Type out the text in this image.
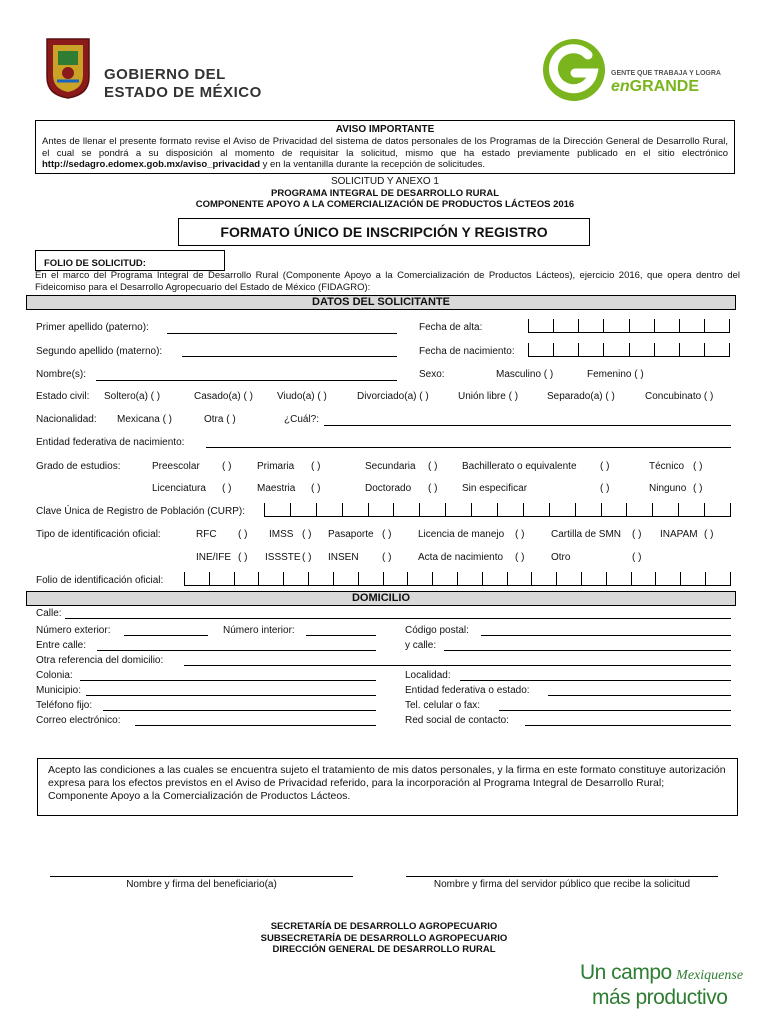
GOBIERNO DEL
ESTADO DE MÉXICO
GENTE QUE TRABAJA Y LOGRA
enGRANDE
AVISO IMPORTANTE
Antes de llenar el presente formato revise el Aviso de Privacidad del sistema de datos personales de los Programas de la Dirección General de Desarrollo Rural, el cual se pondrá a su disposición al momento de requisitar la solicitud, mismo que ha estado previamente publicado en el sitio electrónico http://sedagro.edomex.gob.mx/aviso_privacidad y en la ventanilla durante la recepción de solicitudes.
SOLICITUD Y ANEXO 1
PROGRAMA INTEGRAL DE DESARROLLO RURAL
COMPONENTE APOYO A LA COMERCIALIZACIÓN DE PRODUCTOS LÁCTEOS 2016
FORMATO ÚNICO DE INSCRIPCIÓN Y REGISTRO
FOLIO DE SOLICITUD:
En el marco del Programa Integral de Desarrollo Rural (Componente Apoyo a la Comercialización de Productos Lácteos), ejercicio 2016, que opera dentro del Fideicomiso para el Desarrollo Agropecuario del Estado de México (FIDAGRO):
DATOS DEL SOLICITANTE
Primer apellido (paterno):	Fecha de alta:
Segundo apellido (materno):	Fecha de nacimiento:
Nombre(s):	Sexo:	Masculino ( )	Femenino ( )
Estado civil: Soltero(a) ( )	Casado(a) ( ) Viudo(a) ( )	Divorciado(a) ( )	Unión libre ( )	Separado(a) ( )	Concubinato ( )
Nacionalidad: Mexicana ( )	Otra ( )	¿Cuál?:
Entidad federativa de nacimiento:
Grado de estudios:	Preescolar ( )	Primaria ( )	Secundaria ( ) Bachillerato o equivalente ( )	Técnico ( )
Licenciatura ( )	Maestria ( )	Doctorado ( ) Sin especificar	( )	Ninguno ( )
Clave Única de Registro de Población (CURP):
Tipo de identificación oficial:	RFC ( ) IMSS ( ) Pasaporte ( )	Licencia de manejo ( )	Cartilla de SMN ( ) INAPAM ( )
INE/IFE ( ) ISSSTE ( ) INSEN ( )	Acta de nacimiento ( )	Otro	( )
Folio de identificación oficial:
DOMICILIO
Calle:
Número exterior:	Número interior:	Código postal:
Entre calle:	y calle:
Otra referencia del domicilio:
Colonia:	Localidad:
Municipio:	Entidad federativa o estado:
Teléfono fijo:	Tel. celular o fax:
Correo electrónico:	Red social de contacto:
Acepto las condiciones a las cuales se encuentra sujeto el tratamiento de mis datos personales, y la firma en este formato constituye autorización expresa para los efectos previstos en el Aviso de Privacidad referido, para la incorporación al Programa Integral de Desarrollo Rural; Componente Apoyo a la Comercialización de Productos Lácteos.
Nombre y firma del beneficiario(a)	Nombre y firma del servidor público que recibe la solicitud
SECRETARÍA DE DESARROLLO AGROPECUARIO
SUBSECRETARÍA DE DESARROLLO AGROPECUARIO
DIRECCIÓN GENERAL DE DESARROLLO RURAL
Un campo Mexiquense
más productivo
